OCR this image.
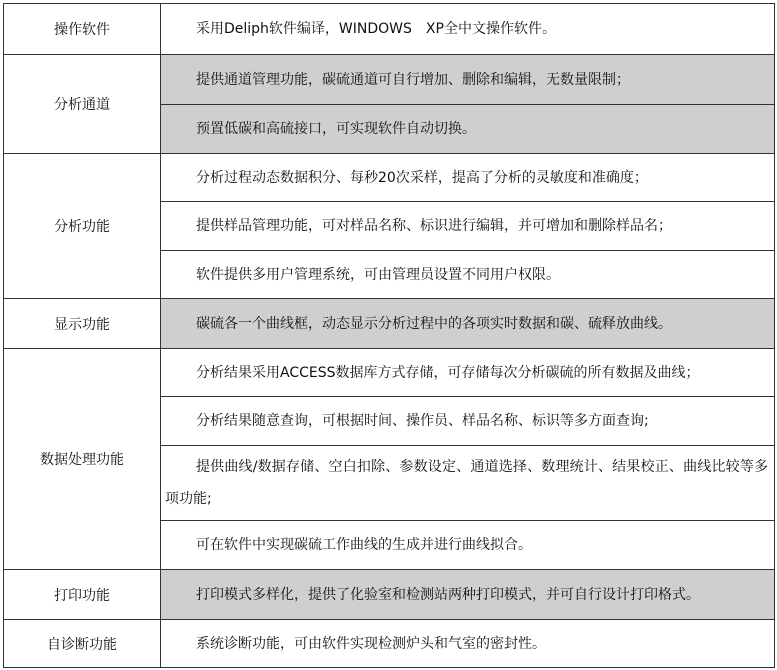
操作软件	采用Deliph软件编译，WINDOWS　XP全中文操作软件。
分析通道	提供通道管理功能，碳硫通道可自行增加、删除和编辑，无数量限制；
	预置低碳和高硫接口，可实现软件自动切换。
分析功能	分析过程动态数据积分、每秒20次采样，提高了分析的灵敏度和准确度；
	提供样品管理功能，可对样品名称、标识进行编辑，并可增加和删除样品名；
	软件提供多用户管理系统，可由管理员设置不同用户权限。
显示功能	碳硫各一个曲线框，动态显示分析过程中的各项实时数据和碳、硫释放曲线。
数据处理功能	分析结果采用ACCESS数据库方式存储，可存储每次分析碳硫的所有数据及曲线；
	分析结果随意查询，可根据时间、操作员、样品名称、标识等多方面查询;
	提供曲线/数据存储、空白扣除、参数设定、通道选择、数理统计、结果校正、曲线比较等多项功能;
	可在软件中实现碳硫工作曲线的生成并进行曲线拟合。
打印功能	打印模式多样化，提供了化验室和检测站两种打印模式，并可自行设计打印格式。
自诊断功能	系统诊断功能，可由软件实现检测炉头和气室的密封性。
